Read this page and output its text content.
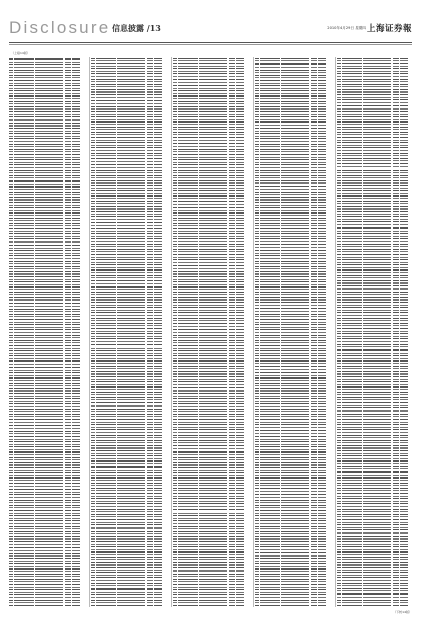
Disclosure 信息披露 /13	2010年4月29日 星期四 上海证券報
（上接14版）
（下转14版）
